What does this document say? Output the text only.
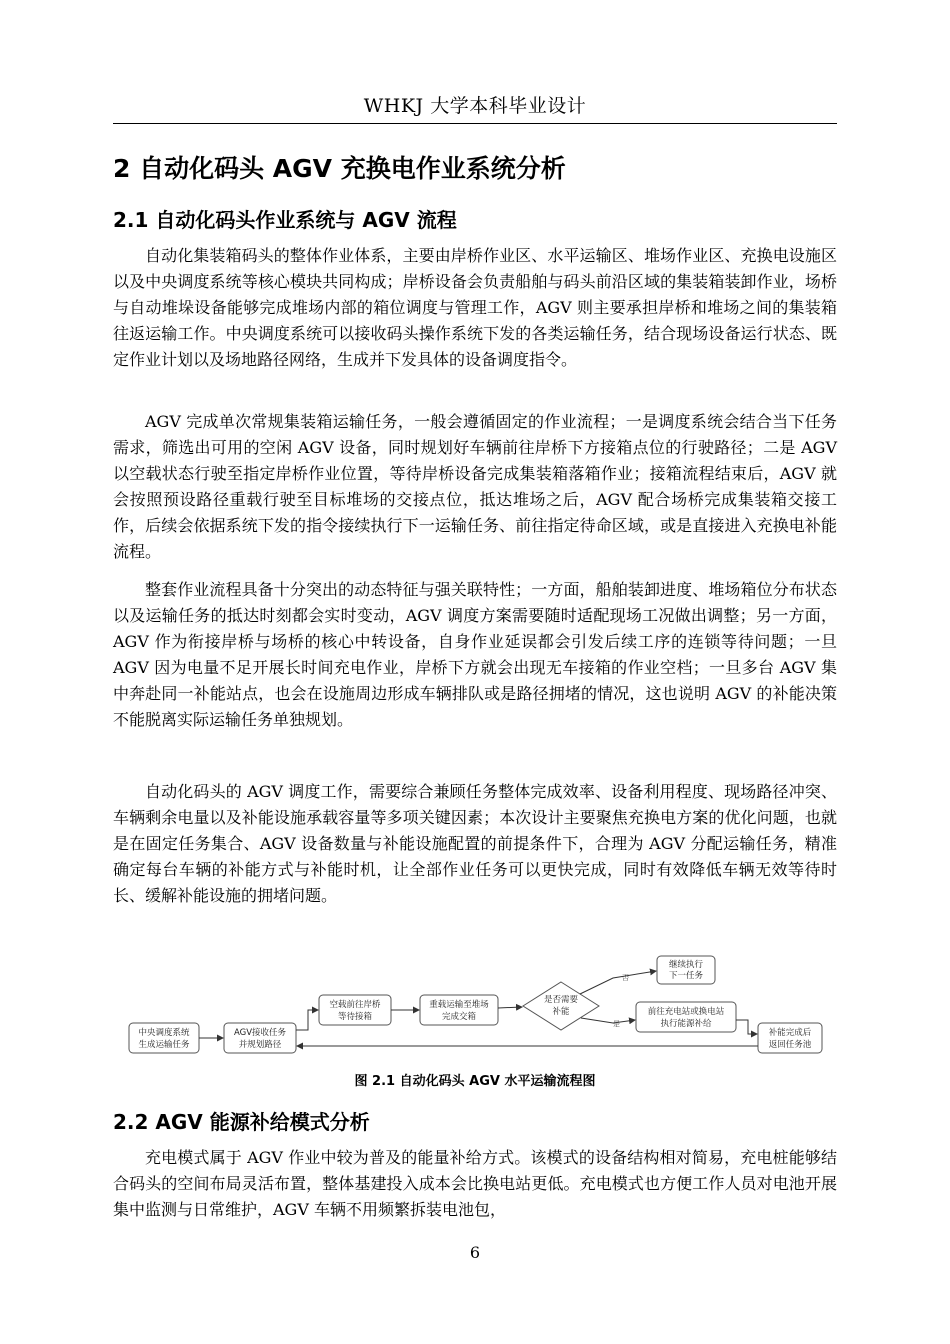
WHKJ 大学本科毕业设计
2 自动化码头 AGV 充换电作业系统分析
2.1 自动化码头作业系统与 AGV 流程

自动化集装箱码头的整体作业体系，主要由岸桥作业区、水平运输区、堆场作业区、充换电设施区以及中央调度系统等核心模块共同构成；岸桥设备会负责船舶与码头前沿区域的集装箱装卸作业，场桥与自动堆垛设备能够完成堆场内部的箱位调度与管理工作，AGV 则主要承担岸桥和堆场之间的集装箱往返运输工作。中央调度系统可以接收码头操作系统下发的各类运输任务，结合现场设备运行状态、既定作业计划以及场地路径网络，生成并下发具体的设备调度指令。

AGV 完成单次常规集装箱运输任务，一般会遵循固定的作业流程；一是调度系统会结合当下任务需求，筛选出可用的空闲 AGV 设备，同时规划好车辆前往岸桥下方接箱点位的行驶路径；二是 AGV 以空载状态行驶至指定岸桥作业位置，等待岸桥设备完成集装箱落箱作业；接箱流程结束后，AGV 就会按照预设路径重载行驶至目标堆场的交接点位，抵达堆场之后，AGV 配合场桥完成集装箱交接工作，后续会依据系统下发的指令接续执行下一运输任务、前往指定待命区域，或是直接进入充换电补能流程。

整套作业流程具备十分突出的动态特征与强关联特性；一方面，船舶装卸进度、堆场箱位分布状态以及运输任务的抵达时刻都会实时变动，AGV 调度方案需要随时适配现场工况做出调整；另一方面，AGV 作为衔接岸桥与场桥的核心中转设备，自身作业延误都会引发后续工序的连锁等待问题；一旦 AGV 因为电量不足开展长时间充电作业，岸桥下方就会出现无车接箱的作业空档；一旦多台 AGV 集中奔赴同一补能站点，也会在设施周边形成车辆排队或是路径拥堵的情况，这也说明 AGV 的补能决策不能脱离实际运输任务单独规划。

自动化码头的 AGV 调度工作，需要综合兼顾任务整体完成效率、设备利用程度、现场路径冲突、车辆剩余电量以及补能设施承载容量等多项关键因素；本次设计主要聚焦充换电方案的优化问题，也就是在固定任务集合、AGV 设备数量与补能设施配置的前提条件下，合理为 AGV 分配运输任务，精准确定每台车辆的补能方式与补能时机，让全部作业任务可以更快完成，同时有效降低车辆无效等待时长、缓解补能设施的拥堵问题。

中央调度系统
生成运输任务
AGV接收任务
并规划路径
空载前往岸桥
等待接箱
重载运输至堆场
完成交箱
是否需要
补能
继续执行
下一任务
前往充电站或换电站
执行能源补给
补能完成后
返回任务池
否
是
图 2.1 自动化码头 AGV 水平运输流程图
2.2 AGV 能源补给模式分析

充电模式属于 AGV 作业中较为普及的能量补给方式。该模式的设备结构相对简易，充电桩能够结合码头的空间布局灵活布置，整体基建投入成本会比换电站更低。充电模式也方便工作人员对电池开展集中监测与日常维护，AGV 车辆不用频繁拆装电池包，

6
